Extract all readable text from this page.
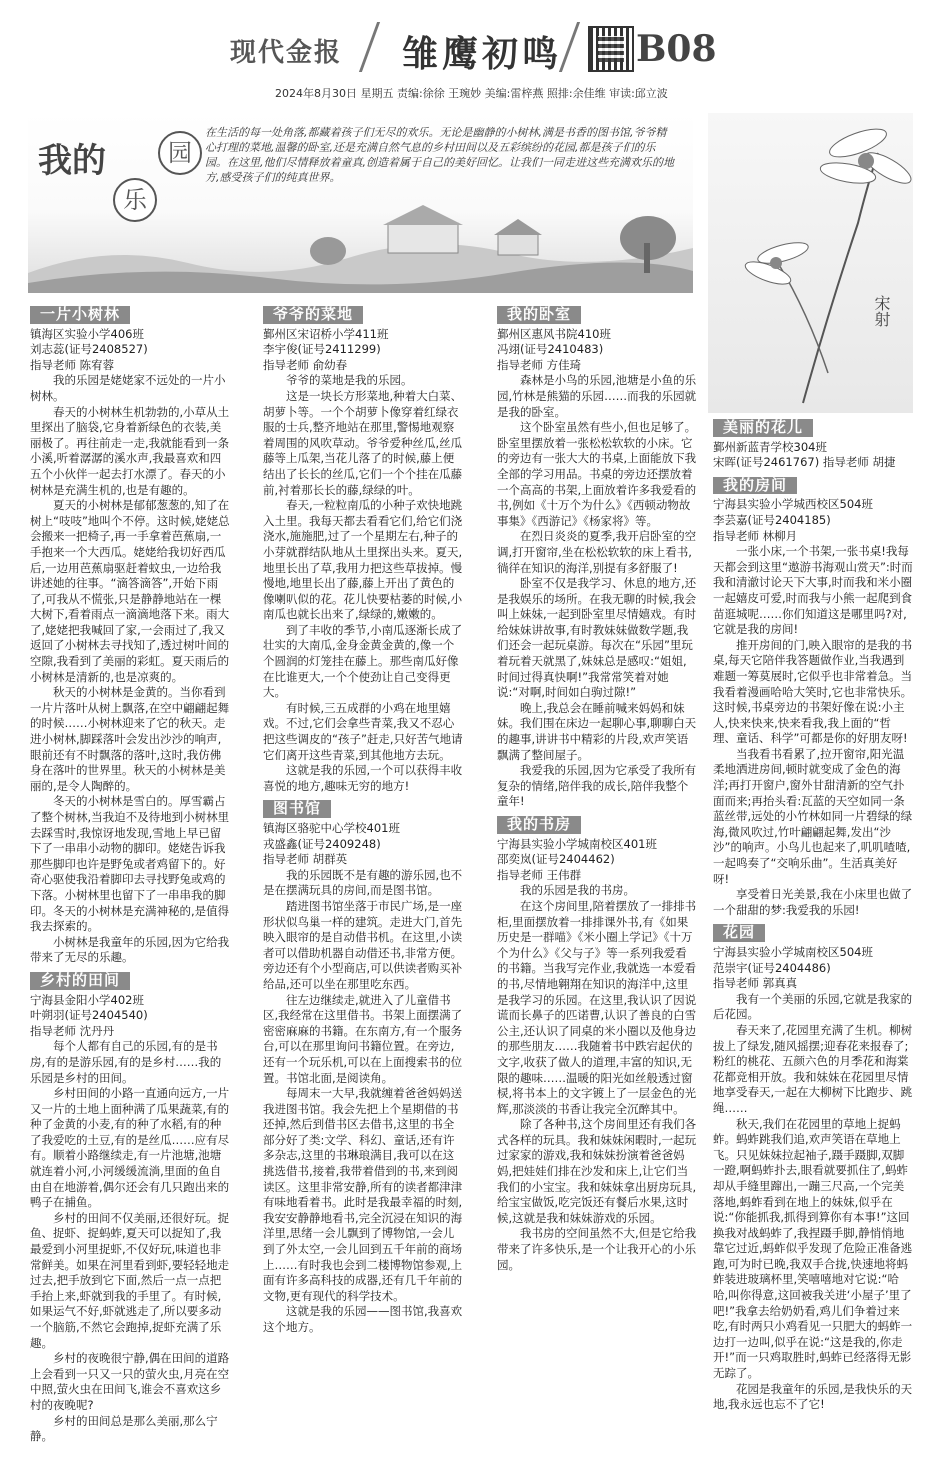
现代金报 雏鹰初鸣 B08
2024年8月30日 星期五 责编:徐徐 王琬妙 美编:雷梓燕 照排:余佳维 审读:邱立波
我的
乐
园
在生活的每一处角落,都藏着孩子们无尽的欢乐。无论是幽静的小树林,满是书香的图书馆,爷爷精心打理的菜地,温馨的卧室,还是充满自然气息的乡村田间以及五彩缤纷的花园,都是孩子们的乐园。在这里,他们尽情释放着童真,创造着属于自己的美好回忆。让我们一同走进这些充满欢乐的地方,感受孩子们的纯真世界。
宋射
一片小树林

镇海区实验小学406班

刘志蕊(证号2408527)

指导老师 陈宥蓉

我的乐园是姥姥家不远处的一片小树林。

春天的小树林生机勃勃的,小草从土里探出了脑袋,它身着新绿色的衣装,美丽极了。再往前走一走,我就能看到一条小溪,听着潺潺的溪水声,我最喜欢和四五个小伙伴一起去打水漂了。春天的小树林是充满生机的,也是有趣的。

夏天的小树林是郁郁葱葱的,知了在树上“吱吱”地叫个不停。这时候,姥姥总会搬来一把椅子,再一手拿着芭蕉扇,一手抱来一个大西瓜。姥姥给我切好西瓜后,一边用芭蕉扇驱赶着蚊虫,一边给我讲述她的往事。“滴答滴答”,开始下雨了,可我从不慌张,只是静静地站在一棵大树下,看着雨点一滴滴地落下来。雨大了,姥姥把我喊回了家,一会雨过了,我又返回了小树林去寻找知了,透过树叶间的空隙,我看到了美丽的彩虹。夏天雨后的小树林是清新的,也是凉爽的。

秋天的小树林是金黄的。当你看到一片片落叶从树上飘落,在空中翩翩起舞的时候……小树林迎来了它的秋天。走进小树林,脚踩落叶会发出沙沙的响声,眼前还有不时飘落的落叶,这时,我仿佛身在落叶的世界里。秋天的小树林是美丽的,是令人陶醉的。

冬天的小树林是雪白的。厚雪霸占了整个树林,当我迫不及待地到小树林里去踩雪时,我惊讶地发现,雪地上早已留下了一串串小动物的脚印。姥姥告诉我那些脚印也许是野兔或者鸡留下的。好奇心驱使我沿着脚印去寻找野兔或鸡的下落。小树林里也留下了一串串我的脚印。冬天的小树林是充满神秘的,是值得我去探索的。

小树林是我童年的乐园,因为它给我带来了无尽的乐趣。

乡村的田间

宁海县金阳小学402班

叶朔羽(证号2404540)

指导老师 沈丹丹

每个人都有自己的乐园,有的是书房,有的是游乐园,有的是乡村……我的乐园是乡村的田间。

乡村田间的小路一直通向远方,一片又一片的土地上面种满了瓜果蔬菜,有的种了金黄的小麦,有的种了水稻,有的种了我爱吃的土豆,有的是丝瓜……应有尽有。顺着小路继续走,有一片池塘,池塘就连着小河,小河缓缓流淌,里面的鱼自由自在地游着,偶尔还会有几只跑出来的鸭子在捕鱼。

乡村的田间不仅美丽,还很好玩。捉鱼、捉虾、捉蚂蚱,夏天可以捉知了,我最爱到小河里捉虾,不仅好玩,味道也非常鲜美。如果在河里看到虾,要轻轻地走过去,把手放到它下面,然后一点一点把手抬上来,虾就到我的手里了。有时候,如果运气不好,虾就逃走了,所以要多动一个脑筋,不然它会跑掉,捉虾充满了乐趣。

乡村的夜晚很宁静,偶在田间的道路上会看到一只又一只的萤火虫,月亮在空中照,萤火虫在田间飞,谁会不喜欢这乡村的夜晚呢?

乡村的田间总是那么美丽,那么宁静。

爷爷的菜地

鄞州区宋诏桥小学411班

李宇俊(证号2411299)

指导老师 俞幼春

爷爷的菜地是我的乐园。

这是一块长方形菜地,种着大白菜、胡萝卜等。一个个胡萝卜像穿着红绿衣服的士兵,整齐地站在那里,警惕地观察着周围的风吹草动。爷爷爱种丝瓜,丝瓜藤等上瓜架,当花儿落了的时候,藤上便结出了长长的丝瓜,它们一个个挂在瓜藤前,衬着那长长的藤,绿绿的叶。

春天,一粒粒南瓜的小种子欢快地跳入土里。我每天都去看看它们,给它们浇浇水,施施肥,过了一个星期左右,种子的小芽就群结队地从土里探出头来。夏天,地里长出了草,我用力把这些草拔掉。慢慢地,地里长出了藤,藤上开出了黄色的像喇叭似的花。花儿快要枯萎的时候,小南瓜也就长出来了,绿绿的,嫩嫩的。

到了丰收的季节,小南瓜逐渐长成了壮实的大南瓜,金身金黄金黄的,像一个个圆润的灯笼挂在藤上。那些南瓜好像在比谁更大,一个个使劲让自己变得更大。

有时候,三五成群的小鸡在地里嬉戏。不过,它们会拿些青菜,我又不忍心把这些调皮的“孩子”赶走,只好苦气地请它们离开这些青菜,到其他地方去玩。

这就是我的乐园,一个可以获得丰收喜悦的地方,趣味无穷的地方!

图书馆

镇海区骆驼中心学校401班

戎盛鑫(证号2409248)

指导老师 胡群英

我的乐园既不是有趣的游乐园,也不是在摆满玩具的房间,而是图书馆。

踏进图书馆坐落于市民广场,是一座形状似鸟巢一样的建筑。走进大门,首先映入眼帘的是自动借书机。在这里,小读者可以借助机器自动借还书,非常方便。旁边还有个小型商店,可以供读者购买补给品,还可以坐在那里吃东西。

往左边继续走,就进入了儿童借书区,我经常在这里借书。书架上面摆满了密密麻麻的书籍。在东南方,有一个服务台,可以在那里询问书籍位置。在旁边,还有一个玩乐机,可以在上面搜索书的位置。书馆北面,是阅读角。

每周末一大早,我就缠着爸爸妈妈送我进图书馆。我会先把上个星期借的书还掉,然后到借书区去借书,这里的书全部分好了类:文学、科幻、童话,还有许多杂志,这里的书琳琅满目,我可以在这挑选借书,接着,我带着借到的书,来到阅读区。这里非常安静,所有的读者都津津有味地看着书。此时是我最幸福的时刻,我安安静静地看书,完全沉浸在知识的海洋里,思绪一会儿飘到了博物馆,一会儿到了外太空,一会儿回到五千年前的商场上……有时我也会到二楼博物馆参观,上面有许多高科技的成器,还有几千年前的文物,更有现代的科学技术。

这就是我的乐园——图书馆,我喜欢这个地方。

我的卧室

鄞州区惠风书院410班

冯翊(证号2410483)

指导老师 方佳琦

森林是小鸟的乐园,池塘是小鱼的乐园,竹林是熊猫的乐园……而我的乐园就是我的卧室。

这个卧室虽然有些小,但也足够了。卧室里摆放着一张松松软软的小床。它的旁边有一张大大的书桌,上面能放下我全部的学习用品。书桌的旁边还摆放着一个高高的书架,上面放着许多我爱看的书,例如《十万个为什么》《西顿动物故事集》《西游记》《杨家将》等。

在烈日炎炎的夏季,我开启卧室的空调,打开窗帘,坐在松松软软的床上看书,徜徉在知识的海洋,别提有多舒服了!

卧室不仅是我学习、休息的地方,还是我娱乐的场所。在我无聊的时候,我会叫上妹妹,一起到卧室里尽情嬉戏。有时给妹妹讲故事,有时教妹妹做数学题,我们还会一起玩桌游。每次在“乐园”里玩着玩着天就黑了,妹妹总是感叹:“姐姐,时间过得真快啊!”我常常笑着对她说:“对啊,时间如白驹过隙!”

晚上,我总会在睡前喊来妈妈和妹妹。我们围在床边一起聊心事,聊聊白天的趣事,讲讲书中精彩的片段,欢声笑语飘满了整间屋子。

我爱我的乐园,因为它承受了我所有复杂的情绪,陪伴我的成长,陪伴我整个童年!

我的书房

宁海县实验小学城南校区401班

邵奕岚(证号2404462)

指导老师 王伟群

我的乐园是我的书房。

在这个房间里,陪着摆放了一排排书柜,里面摆放着一排排课外书,有《如果历史是一群喵》《米小圈上学记》《十万个为什么》《父与子》等一系列我爱看的书籍。当我写完作业,我就选一本爱看的书,尽情地翱翔在知识的海洋中,这里是我学习的乐园。在这里,我认识了因说谎而长鼻子的匹诺曹,认识了善良的白雪公主,还认识了同桌的米小圈以及他身边的那些朋友……我随着书中跌宕起伏的文字,收获了做人的道理,丰富的知识,无限的趣味……温暖的阳光如丝般透过窗棂,将书本上的文字镀上了一层金色的光辉,那淡淡的书香让我完全沉醉其中。

除了各种书,这个房间里还有我们各式各样的玩具。我和妹妹闲暇时,一起玩过家家的游戏,我和妹妹扮演着爸爸妈妈,把娃娃们排在沙发和床上,让它们当我们的小宝宝。我和妹妹拿出厨房玩具,给宝宝做饭,吃完饭还有餐后水果,这时候,这就是我和妹妹游戏的乐园。

我书房的空间虽然不大,但是它给我带来了许多快乐,是一个让我开心的小乐园。

美丽的花儿

鄞州新蓝青学校304班

宋晖(证号2461767) 指导老师 胡捷

我的房间

宁海县实验小学城西校区504班

李芸嘉(证号2404185)

指导老师 林柳月

一张小床,一个书架,一张书桌!我每天都会到这里“遨游书海观山赏天”:时而我和清澈讨论天下大事,时而我和米小圈一起嬉皮可爱,时而我与小熊一起爬到食苗逛城呢……你们知道这是哪里吗?对,它就是我的房间!

推开房间的门,映入眼帘的是我的书桌,每天它陪伴我答题做作业,当我遇到难题一筹莫展时,它似乎也非常着急。当我看着漫画哈哈大笑时,它也非常快乐。这时候,书桌旁边的书架好像在说:小主人,快来快来,快来看我,我上面的“哲理、童话、科学”可都是你的好朋友呀!

当我看书看累了,拉开窗帘,阳光温柔地洒进房间,顿时就变成了金色的海洋;再打开窗户,窗外甘甜清新的空气扑面而来;再抬头看:瓦蓝的天空如同一条蓝丝带,远处的小竹林如同一片碧绿的绿海,微风吹过,竹叶翩翩起舞,发出“沙沙”的响声。小鸟儿也起来了,叽叽喳喳,一起鸣奏了“交响乐曲”。生活真美好呀!

享受着日光美景,我在小床里也做了一个甜甜的梦:我爱我的乐园!

花园

宁海县实验小学城南校区504班

范崇宇(证号2404486)

指导老师 郭真真

我有一个美丽的乐园,它就是我家的后花园。

春天来了,花园里充满了生机。柳树拔上了绿发,随风摇摆;迎春花来报春了;粉红的桃花、五颜六色的月季花和海棠花都竞相开放。我和妹妹在花园里尽情地享受春天,一起在大柳树下比跑步、跳绳……

秋天,我们在花园里的草地上捉蚂蚱。蚂蚱跳我们追,欢声笑语在草地上飞。只见妹妹拉起袖子,蹑手蹑脚,双脚一蹬,啊蚂蚱扑去,眼看就要抓住了,蚂蚱却从手缝里蹿出,一蹦三尺高,一个完美落地,蚂蚱看到在地上的妹妹,似乎在说:“你能抓我,抓得到算你有本事!”这回换我对战蚂蚱了,我捏蹑手脚,静悄悄地靠它过近,蚂蚱似乎发现了危险正准备逃跑,可为时已晚,我双手合拢,快速地将蚂蚱装进玻璃杯里,笑嘻嘻地对它说:“哈哈,叫你得意,这回被我关进‘小屋子’里了吧!”我拿去给奶奶看,鸡儿们争着过来吃,有时两只小鸡看见一只肥大的蚂蚱一边打一边叫,似乎在说:“这是我的,你走开!”而一只鸡取胜时,蚂蚱已经落得无影无踪了。

花园是我童年的乐园,是我快乐的天地,我永远也忘不了它!
